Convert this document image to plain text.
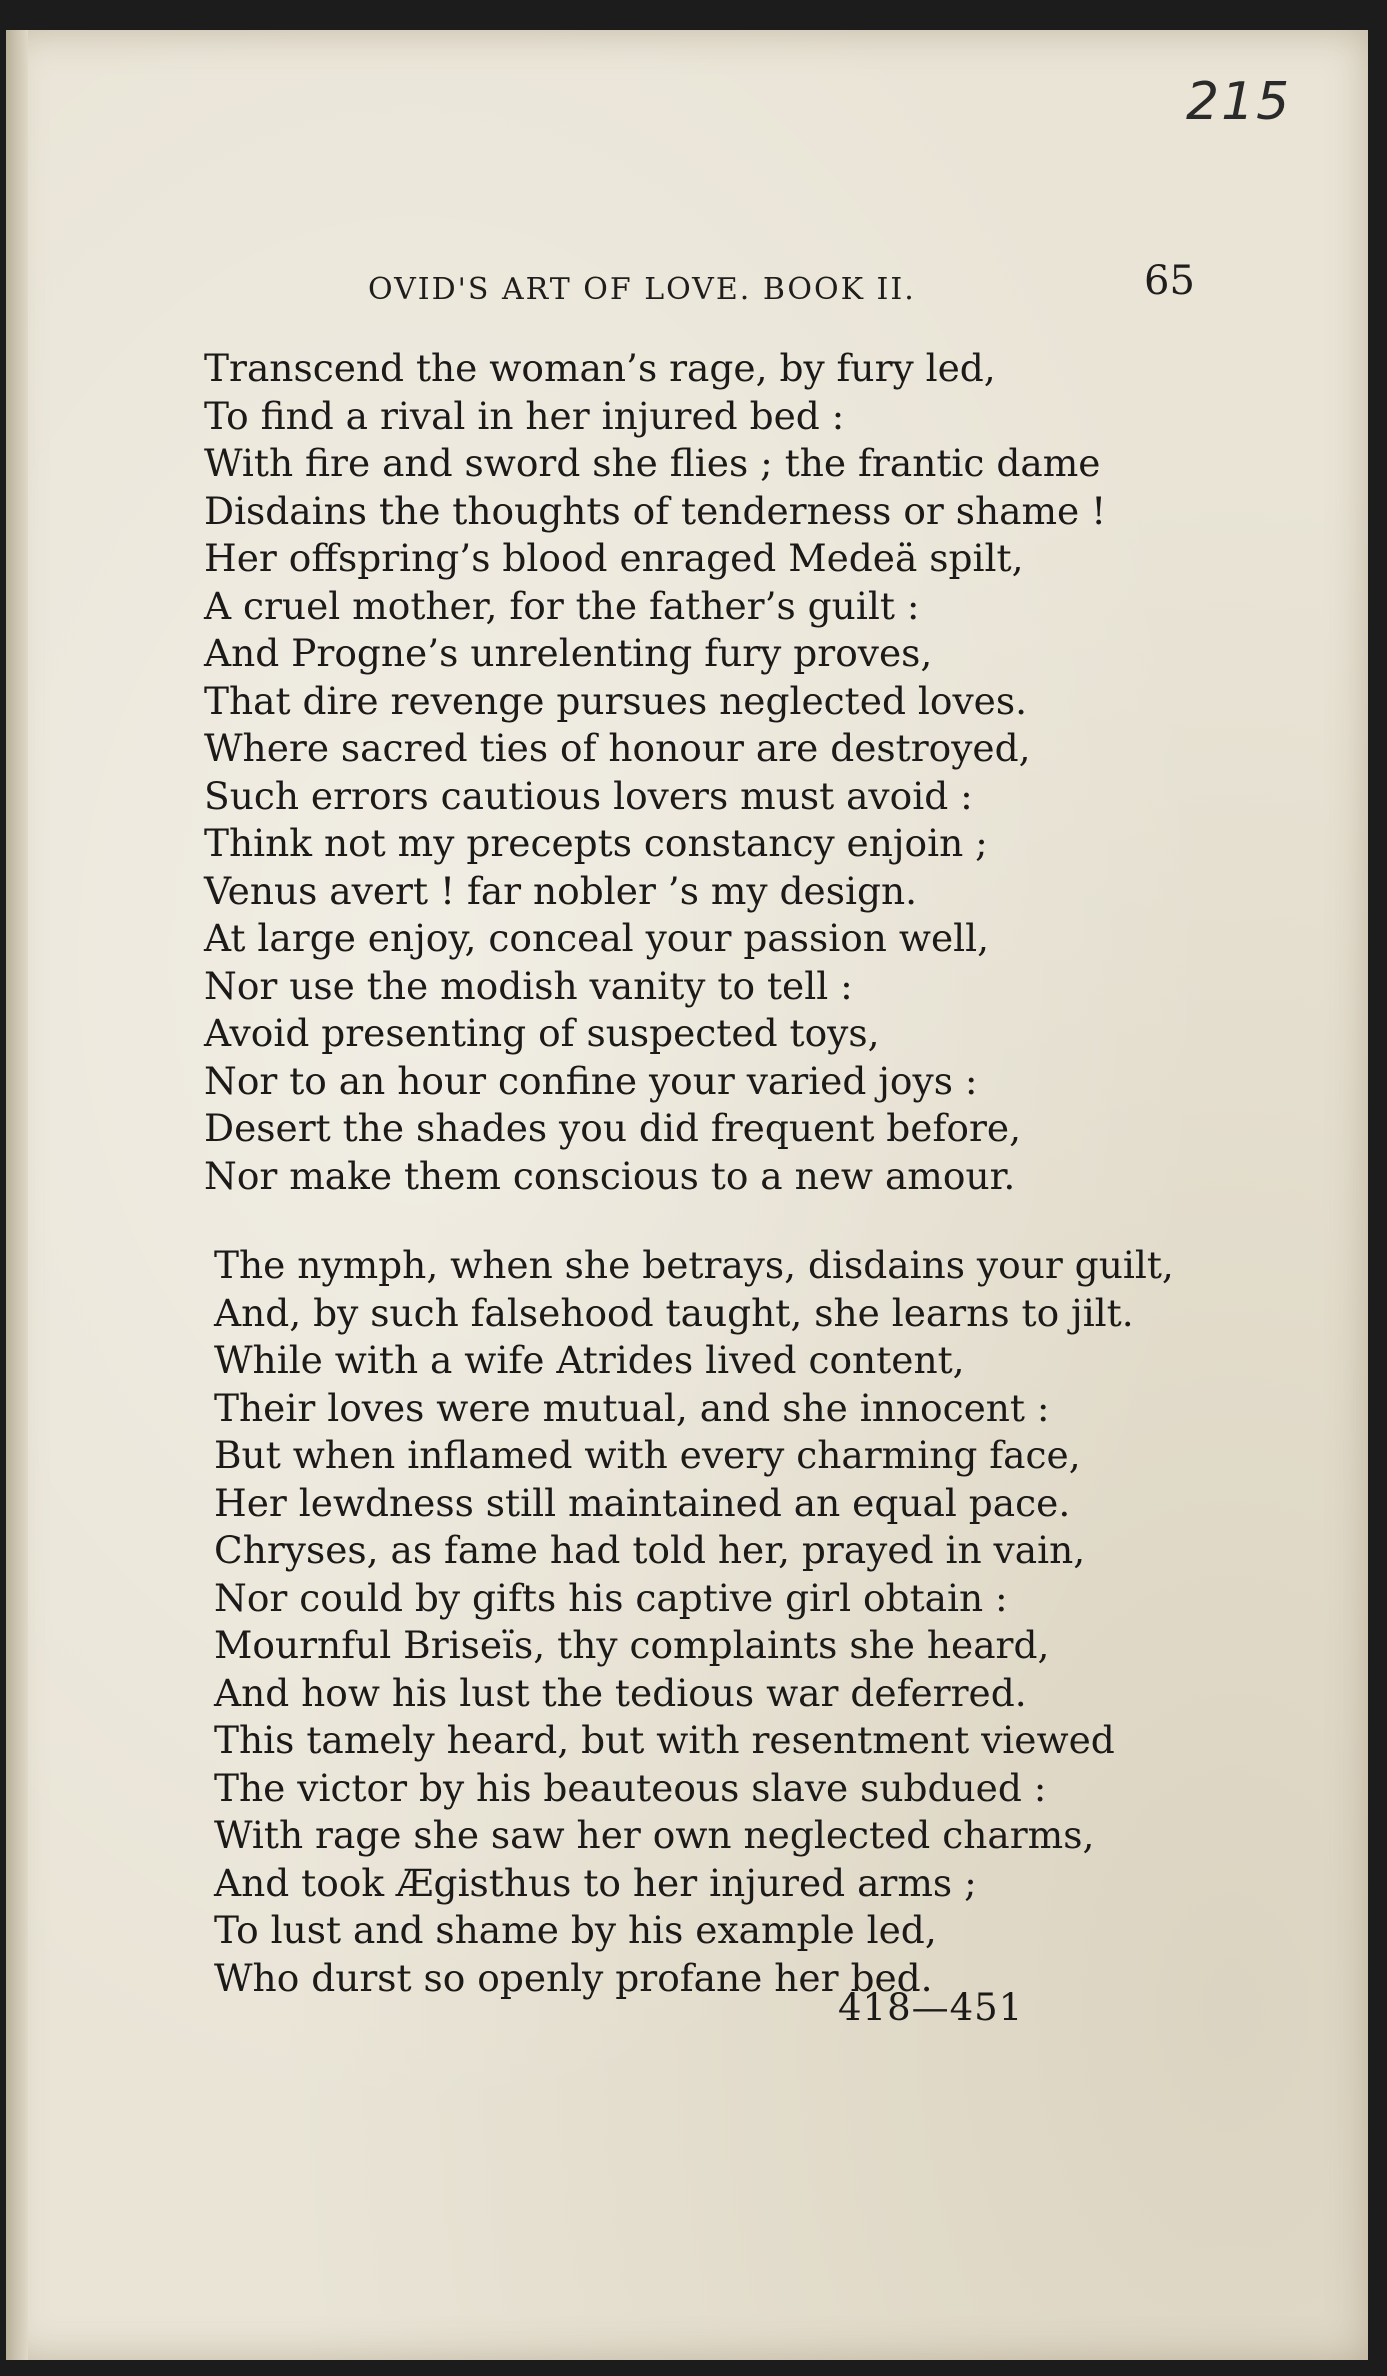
215
OVID'S ART OF LOVE. BOOK II.	65
Transcend the woman’s rage, by fury led,
To find a rival in her injured bed :
With fire and sword she flies ; the frantic dame
Disdains the thoughts of tenderness or shame !
Her offspring’s blood enraged Medeä spilt,
A cruel mother, for the father’s guilt :
And Progne’s unrelenting fury proves,
That dire revenge pursues neglected loves.
Where sacred ties of honour are destroyed,
Such errors cautious lovers must avoid :
Think not my precepts constancy enjoin ;
Venus avert ! far nobler ’s my design.
At large enjoy, conceal your passion well,
Nor use the modish vanity to tell :
Avoid presenting of suspected toys,
Nor to an hour confine your varied joys :
Desert the shades you did frequent before,
Nor make them conscious to a new amour.
The nymph, when she betrays, disdains your guilt,
And, by such falsehood taught, she learns to jilt.
While with a wife Atrides lived content,
Their loves were mutual, and she innocent :
But when inflamed with every charming face,
Her lewdness still maintained an equal pace.
Chryses, as fame had told her, prayed in vain,
Nor could by gifts his captive girl obtain :
Mournful Briseïs, thy complaints she heard,
And how his lust the tedious war deferred.
This tamely heard, but with resentment viewed
The victor by his beauteous slave subdued :
With rage she saw her own neglected charms,
And took Ægisthus to her injured arms ;
To lust and shame by his example led,
Who durst so openly profane her bed.
418—451
